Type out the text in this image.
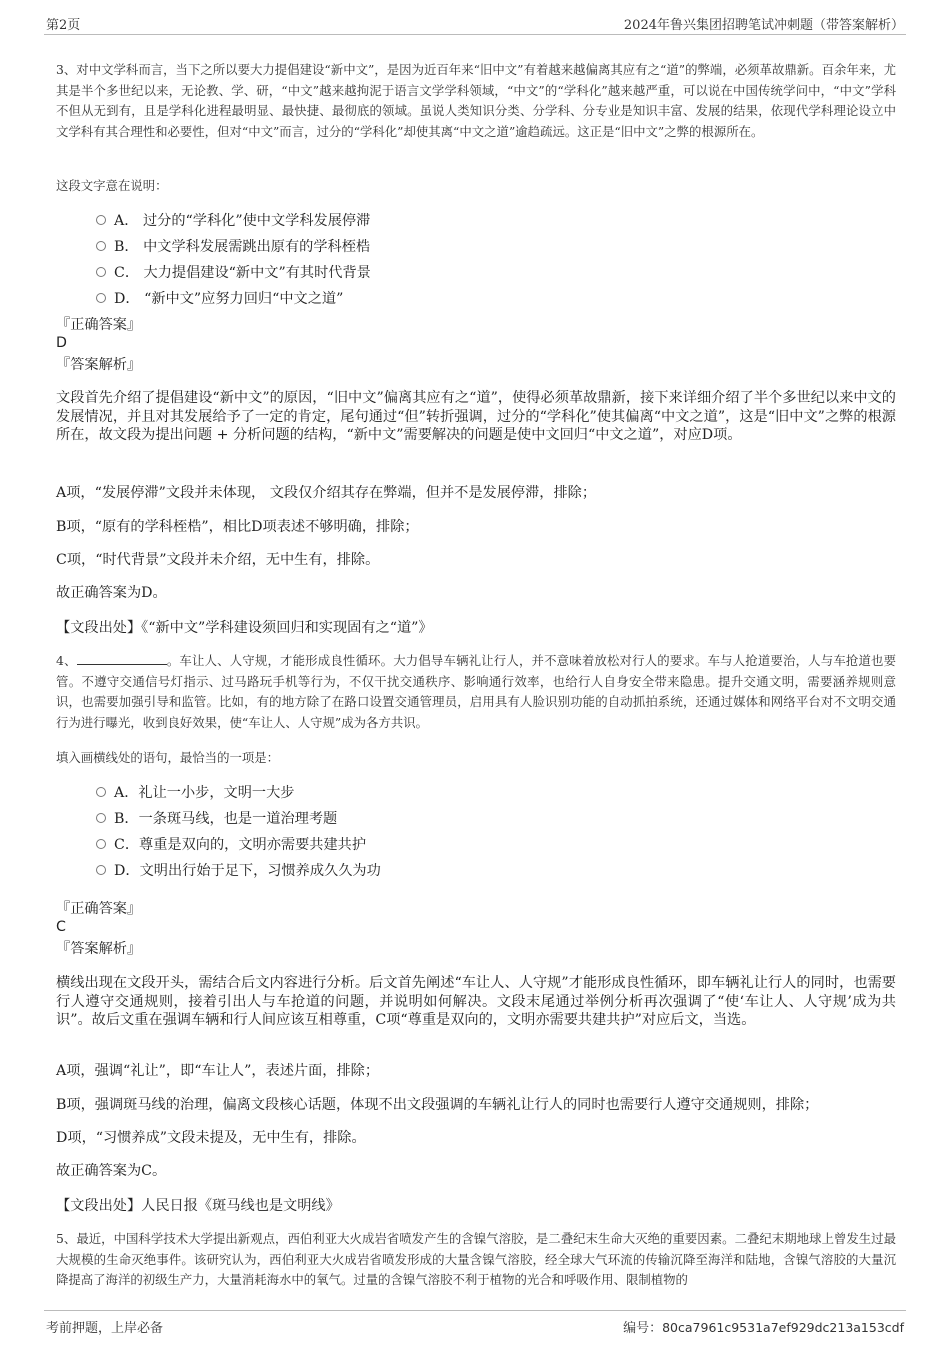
第2页	2024年鲁兴集团招聘笔试冲刺题（带答案解析）
3、对中文学科而言，当下之所以要大力提倡建设“新中文”，是因为近百年来“旧中文”有着越来越偏离其应有之“道”的弊端，必须革故鼎新。百余年来，尤其是半个多世纪以来，无论教、学、研，“中文”越来越拘泥于语言文学学科领域，“中文”的“学科化”越来越严重，可以说在中国传统学问中，“中文”学科不但从无到有，且是学科化进程最明显、最快捷、最彻底的领域。虽说人类知识分类、分学科、分专业是知识丰富、发展的结果，依现代学科理论设立中文学科有其合理性和必要性，但对“中文”而言，过分的“学科化”却使其离“中文之道”逾趋疏远。这正是“旧中文”之弊的根源所在。
这段文字意在说明：
A． 过分的“学科化”使中文学科发展停滞
B． 中文学科发展需跳出原有的学科桎梏
C． 大力提倡建设“新中文”有其时代背景
D． “新中文”应努力回归“中文之道”
『正确答案』
D
『答案解析』
文段首先介绍了提倡建设“新中文”的原因，“旧中文”偏离其应有之“道”，使得必须革故鼎新，接下来详细介绍了半个多世纪以来中文的发展情况，并且对其发展给予了一定的肯定，尾句通过“但”转折强调，过分的“学科化”使其偏离“中文之道”，这是“旧中文”之弊的根源所在，故文段为提出问题 + 分析问题的结构，“新中文”需要解决的问题是使中文回归“中文之道”，对应D项。
A项，“发展停滞”文段并未体现， 文段仅介绍其存在弊端，但并不是发展停滞，排除；
B项，“原有的学科桎梏”，相比D项表述不够明确，排除；
C项，“时代背景”文段并未介绍，无中生有，排除。
故正确答案为D。
【文段出处】《“新中文”学科建设须回归和实现固有之“道”》
4、	。车让人、人守规，才能形成良性循环。大力倡导车辆礼让行人，并不意味着放松对行人的要求。车与人抢道要治，人与车抢道也要管。不遵守交通信号灯指示、过马路玩手机等行为，不仅干扰交通秩序、影响通行效率，也给行人自身安全带来隐患。提升交通文明，需要涵养规则意识，也需要加强引导和监管。比如，有的地方除了在路口设置交通管理员，启用具有人脸识别功能的自动抓拍系统，还通过媒体和网络平台对不文明交通行为进行曝光，收到良好效果，使“车让人、人守规”成为各方共识。
填入画横线处的语句，最恰当的一项是：
A．礼让一小步，文明一大步
B．一条斑马线，也是一道治理考题
C．尊重是双向的，文明亦需要共建共护
D．文明出行始于足下，习惯养成久久为功
『正确答案』
C
『答案解析』
横线出现在文段开头，需结合后文内容进行分析。后文首先阐述“车让人、人守规”才能形成良性循环，即车辆礼让行人的同时，也需要行人遵守交通规则，接着引出人与车抢道的问题，并说明如何解决。文段末尾通过举例分析再次强调了“使‘车让人、人守规’成为共识”。故后文重在强调车辆和行人间应该互相尊重，C项“尊重是双向的，文明亦需要共建共护”对应后文，当选。
A项，强调“礼让”，即“车让人”，表述片面，排除；
B项，强调斑马线的治理，偏离文段核心话题，体现不出文段强调的车辆礼让行人的同时也需要行人遵守交通规则，排除；
D项，“习惯养成”文段未提及，无中生有，排除。
故正确答案为C。
【文段出处】人民日报《斑马线也是文明线》
5、最近，中国科学技术大学提出新观点，西伯利亚大火成岩省喷发产生的含镍气溶胶，是二叠纪末生命大灭绝的重要因素。二叠纪末期地球上曾发生过最大规模的生命灭绝事件。该研究认为，西伯利亚大火成岩省喷发形成的大量含镍气溶胶，经全球大气环流的传输沉降至海洋和陆地，含镍气溶胶的大量沉降提高了海洋的初级生产力，大量消耗海水中的氧气。过量的含镍气溶胶不利于植物的光合和呼吸作用、限制植物的
考前押题，上岸必备	编号：80ca7961c9531a7ef929dc213a153cdf
